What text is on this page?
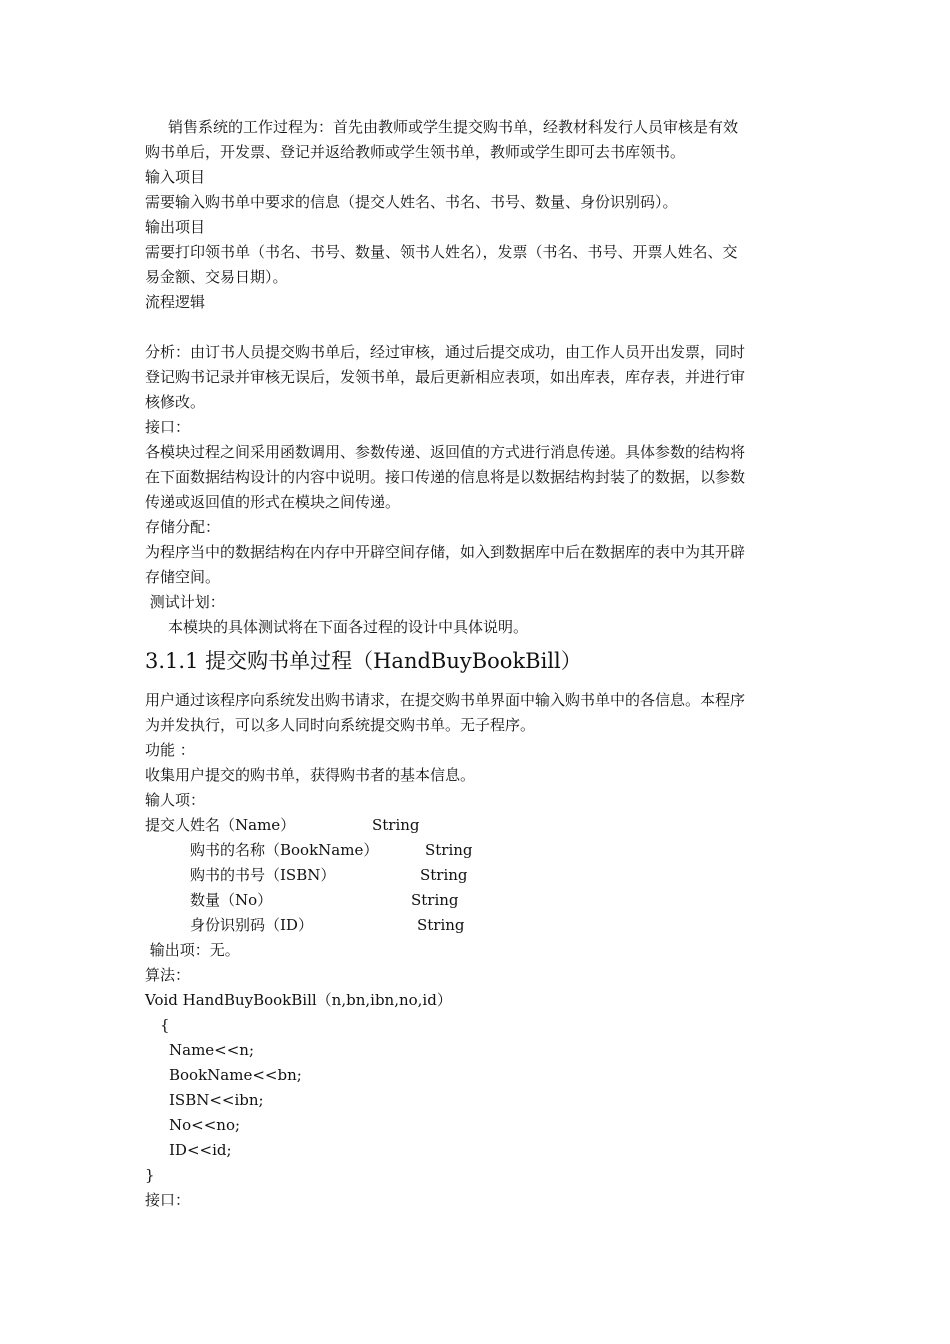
销售系统的工作过程为：首先由教师或学生提交购书单，经教材科发行人员审核是有效

购书单后，开发票、登记并返给教师或学生领书单，教师或学生即可去书库领书。

输入项目

需要输入购书单中要求的信息（提交人姓名、书名、书号、数量、身份识别码）。

输出项目

需要打印领书单（书名、书号、数量、领书人姓名），发票（书名、书号、开票人姓名、交

易金额、交易日期）。

流程逻辑

分析：由订书人员提交购书单后，经过审核，通过后提交成功，由工作人员开出发票，同时

登记购书记录并审核无误后，发领书单，最后更新相应表项，如出库表，库存表，并进行审

核修改。

接口：

各模块过程之间采用函数调用、参数传递、返回值的方式进行消息传递。具体参数的结构将

在下面数据结构设计的内容中说明。接口传递的信息将是以数据结构封装了的数据，以参数

传递或返回值的形式在模块之间传递。

存储分配：

为程序当中的数据结构在内存中开辟空间存储，如入到数据库中后在数据库的表中为其开辟

存储空间。

测试计划：

本模块的具体测试将在下面各过程的设计中具体说明。

3.1.1 提交购书单过程（HandBuyBookBill）

用户通过该程序向系统发出购书请求，在提交购书单界面中输入购书单中的各信息。本程序

为并发执行，可以多人同时向系统提交购书单。无子程序。

功能 ：

收集用户提交的购书单，获得购书者的基本信息。

输人项：

提交人姓名（Name）	String
购书的名称（BookName）	String
购书的书号（ISBN）	String
数量（No）	String
身份识别码（ID）	String

输出项：无。

算法：

Void HandBuyBookBill（n,bn,ibn,no,id）

{

Name<<n;

BookName<<bn;

ISBN<<ibn;

No<<no;

ID<<id;

}

接口：
